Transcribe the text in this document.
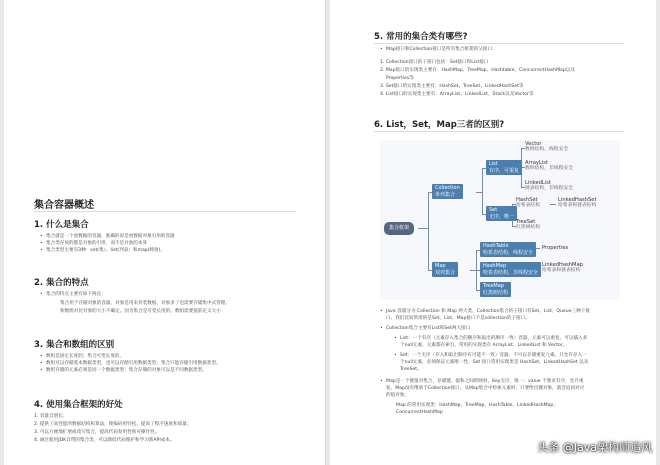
集合容器概述
1. 什么是集合
• 集合就是一个放数据的容器，准确的说是放数据对象引用的容器
• 集合类存放的都是对象的引用，而不是对象的本身
• 集合类型主要有3种：set(集）、list(列表）和map(映射)。
2. 集合的特点
• 集合的特点主要有如下两点：
集合用于存储对象的容器，对象是用来封装数据，对象多了也需要存储集中式管理。
和数组对比对象的大小不确定。因为集合是可变长度的。数组需要提前定义大小
3. 集合和数组的区别
• 数组是固定长度的；集合可变长度的。
• 数组可以存储基本数据类型，也可以存储引用数据类型；集合只能存储引用数据类型。
• 数组存储的元素必须是同一个数据类型；集合存储的对象可以是不同数据类型。
4. 使用集合框架的好处
1. 容量自增长；
2. 提供了高性能的数据结构和算法，使编码更轻松，提高了程序速度和质量；
3. 可以方便地扩展或改写集合，提高代码复用性和可操作性。
4. 通过使用JDK自带的集合类，可以降低代码维护和学习新API成本。
5. 常用的集合类有哪些?
• Map接口和Collection接口是所有集合框架的父接口：
1. Collection接口的子接口包括：Set接口和List接口
2. Map接口的实现类主要有：HashMap、TreeMap、Hashtable、ConcurrentHashMap以及
Properties等
3. Set接口的实现类主要有：HashSet、TreeSet、LinkedHashSet等
4. List接口的实现类主要有：ArrayList、LinkedList、Stack以及Vector等
6. List，Set，Map三者的区别?
集合框架
Collection
单列集合
List
有序，可重复
Vector
数组结构，线程安全
ArrayList
数组结构，非线程安全
LinkedList
链表结构，非线程安全
Set
无序，唯一
HashSet
哈希表结构
LinkedHashSet
哈希表和链表结构
TreeSet
红黑树结构
Map
双列集合
HashTable
哈希表结构，线程安全
Properties
HashMap
哈希表结构，非线程安全
LinkedHashMap
哈希表和链表结构
TreeMap
红黑树结构
• Java 容器分为 Collection 和 Map 两大类，Collection集合的子接口有Set、List、Queue三种子接
口。我们比较常用的是Set、List，Map接口不是collection的子接口。
• Collection集合主要有List和Set两大接口
• List：一个有序（元素存入集合的顺序和取出的顺序一致）容器，元素可以重复，可以插入多
个null元素，元素都有索引。常用的实现类有 ArrayList、LinkedList 和 Vector。
• Set：一个无序（存入和取出顺序有可能不一致）容器，不可以存储重复元素，只允许存入一
个null元素，必须保证元素唯一性。Set 接口常用实现类是 HashSet、LinkedHashSet 以及
TreeSet。
• Map是一个键值对集合，存储键、值和之间的映射。Key无序，唯一；value 不要求有序，允许重
复。Map没有继承于Collection接口，从Map集合中检索元素时，只要给出键对象，就会返回对应
的值对象。
Map 的常用实现类：HashMap、TreeMap、HashTable、LinkedHashMap、
ConcurrentHashMap
头条 @Java架构师追风
